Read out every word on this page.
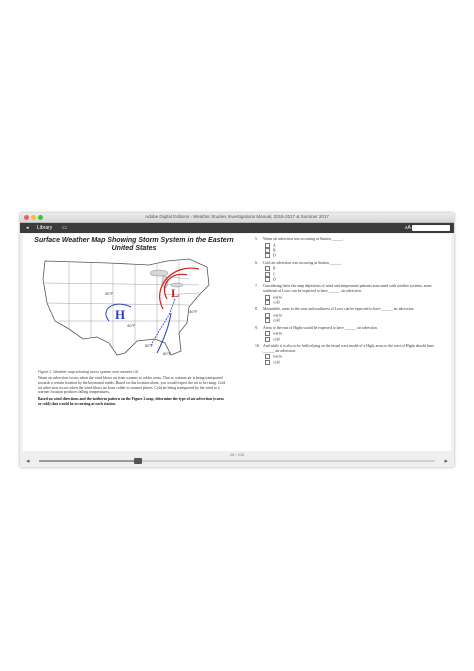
Adobe Digital Editions - Weather Studies Investigations Manual, 2016-2017 & Summer 2017
◂ Library ▭	ᴀA
Surface Weather Map Showing Storm System in the Eastern United States
30°F
40°F
50°F
60°F
40°F
L
H
Figure 2. Weather map showing storm system over eastern US.
Warm air advection occurs when the wind blows air from warmer to colder areas. That is, warmer air is being transported towards a certain location by the horizontal winds. Based on this location alone, you would expect the air to be rising. Cold air advection occurs when the wind blows air from colder to warmer places. Cold air being transported by the wind to a warmer location produces falling temperatures.
Based on wind directions and the isotherm pattern on the Figure 2 map, determine the type of air advection (warm or cold) that would be occurring at each station.
5. Warm air advection was occurring at Station ______.
A
B
D
6. Cold air advection was occurring at Station ______.
B
C
D
7. Considering these fair map depictions of wind and temperature patterns associated with weather systems, areas southeast of Lows can be expected to have ______ air advection.
warm
cold
8. Meanwhile, areas to the west and southwest of Lows can be expected to have ______ air advection.
warm
cold
9. Areas to the east of Highs would be expected to have ______ air advection.
warm
cold
10. And while it is also to be held relying on the broad west model of a High, areas to the west of Highs should have ______ air advection.
warm
cold
46 / 336
◂	▸
